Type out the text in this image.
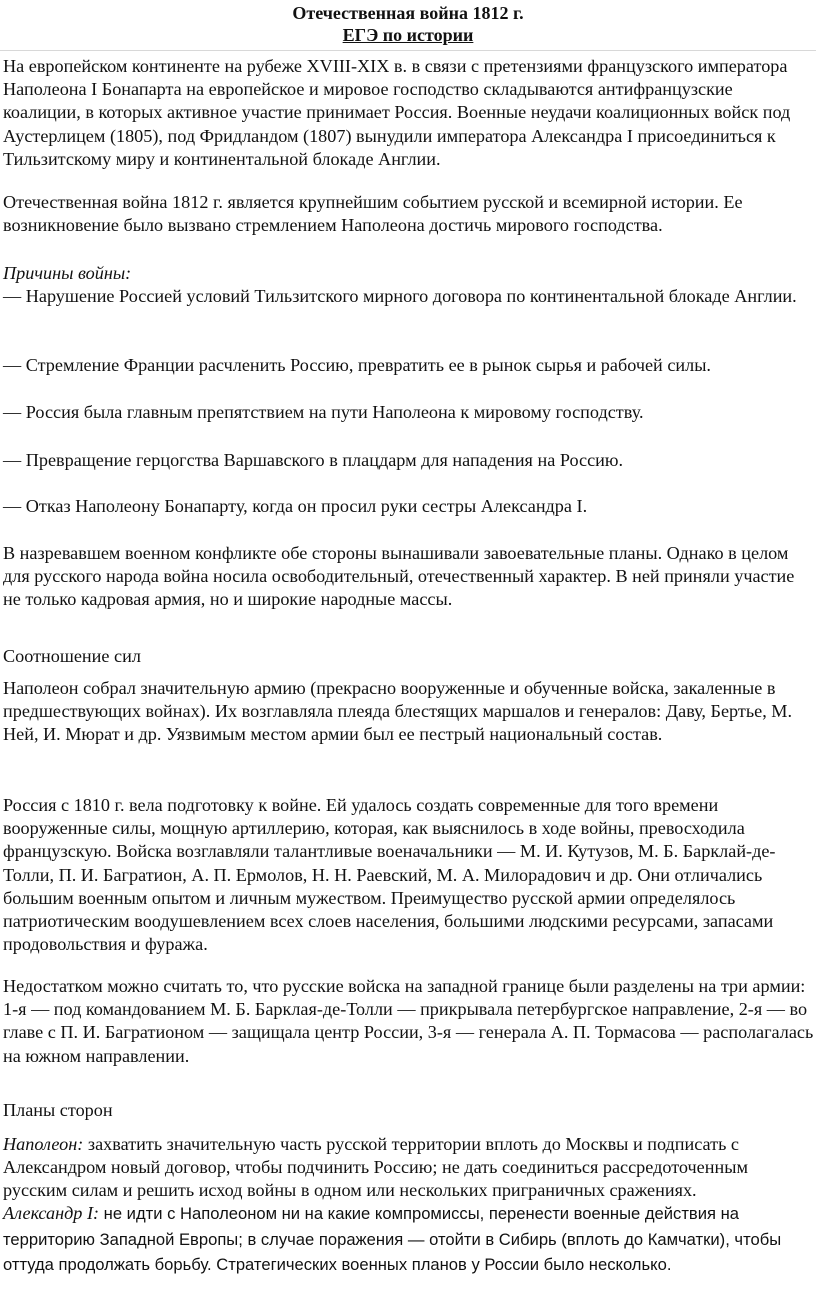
Отечественная война 1812 г.
ЕГЭ по истории

На европейском континенте на рубеже XVIII-XIX в. в связи с претензиями французского императора Наполеона I Бонапарта на европейское и мировое господство складываются антифранцузские коалиции, в которых активное участие принимает Россия. Военные неудачи коалиционных войск под Аустерлицем (1805), под Фридландом (1807) вынудили императора Александра I присоединиться к Тильзитскому миру и континентальной блокаде Англии.

Отечественная война 1812 г. является крупнейшим событием русской и всемирной истории. Ее возникновение было вызвано стремлением Наполеона достичь мирового господства.

Причины войны:

— Нарушение Россией условий Тильзитского мирного договора по континентальной блокаде Англии.

— Стремление Франции расчленить Россию, превратить ее в рынок сырья и рабочей силы.

— Россия была главным препятствием на пути Наполеона к мировому господству.

— Превращение герцогства Варшавского в плацдарм для нападения на Россию.

— Отказ Наполеону Бонапарту, когда он просил руки сестры Александра I.

В назревавшем военном конфликте обе стороны вынашивали завоевательные планы. Однако в целом для русского народа война носила освободительный, отечественный характер. В ней приняли участие не только кадровая армия, но и широкие народные массы.

Соотношение сил

Наполеон собрал значительную армию (прекрасно вооруженные и обученные войска, закаленные в предшествующих войнах). Их возглавляла плеяда блестящих маршалов и генералов: Даву, Бертье, М. Ней, И. Мюрат и др. Уязвимым местом армии был ее пестрый национальный состав.

Россия с 1810 г. вела подготовку к войне. Ей удалось создать современные для того времени вооруженные силы, мощную артиллерию, которая, как выяснилось в ходе войны, превосходила французскую. Войска возглавляли талантливые военачальники — М. И. Кутузов, М. Б. Барклай-де-Толли, П. И. Багратион, А. П. Ермолов, Н. Н. Раевский, М. А. Милорадович и др. Они отличались большим военным опытом и личным мужеством. Преимущество русской армии определялось патриотическим воодушевлением всех слоев населения, большими людскими ресурсами, запасами продовольствия и фуража.

Недостатком можно считать то, что русские войска на западной границе были разделены на три армии: 1-я — под командованием М. Б. Барклая-де-Толли — прикрывала петербургское направление, 2-я — во главе с П. И. Багратионом — защищала центр России, 3-я — генерала А. П. Тормасова — располагалась на южном направлении.

Планы сторон

Наполеон: захватить значительную часть русской территории вплоть до Москвы и подписать с Александром новый договор, чтобы подчинить Россию; не дать соединиться рассредоточенным русским силам и решить исход войны в одном или нескольких приграничных сражениях.

Александр I: не идти с Наполеоном ни на какие компромиссы, перенести военные действия на территорию Западной Европы; в случае поражения — отойти в Сибирь (вплоть до Камчатки), чтобы оттуда продолжать борьбу. Стратегических военных планов у России было несколько.
